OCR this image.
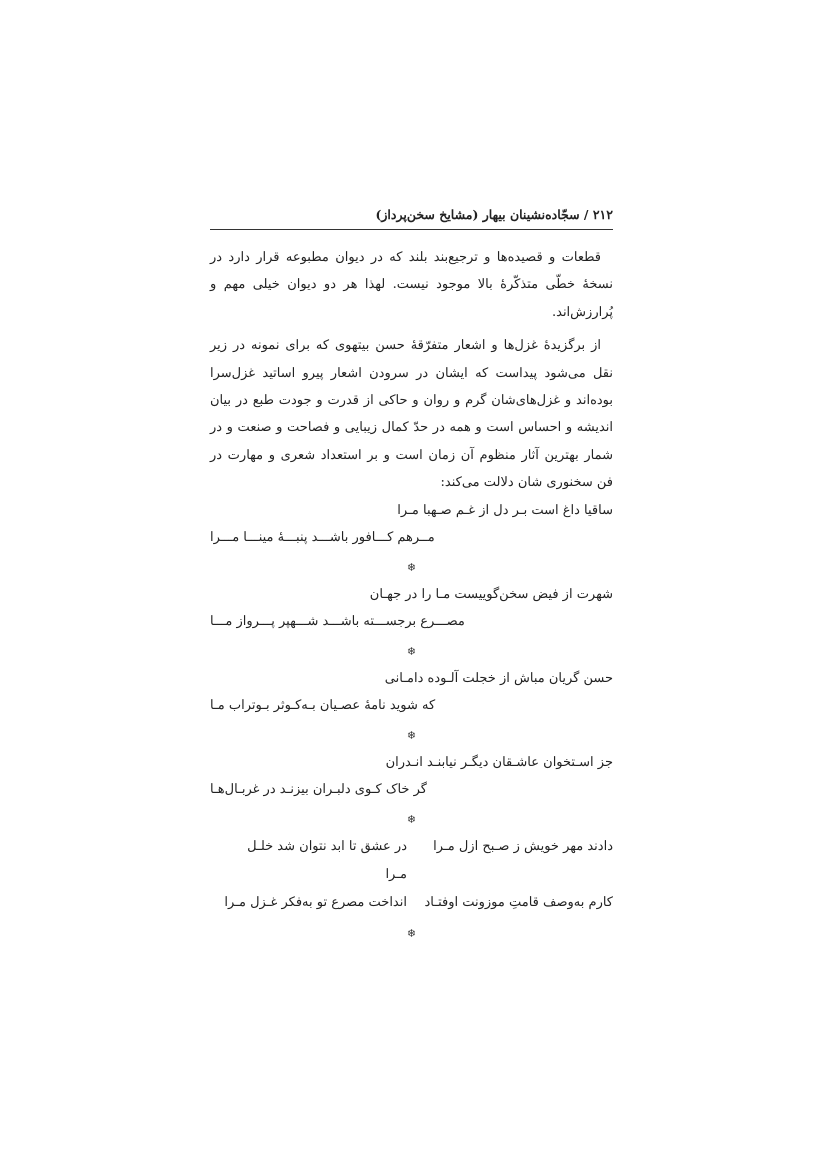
۲۱۲ / سجّاده‌نشینان بیهار (مشایخ سخن‌پرداز)

قطعات و قصیده‌ها و ترجیع‌بند بلند که در دیوان مطبوعه قرار دارد در نسخهٔ خطّی متذکّرهٔ بالا موجود نیست. لهذا هر دو دیوان خیلی مهم و پُرارزش‌اند.

از برگزیدهٔ غزل‌ها و اشعار متفرّقهٔ حسن بیتهوی که برای نمونه در زیر نقل می‌شود پیداست که ایشان در سرودن اشعار پیرو اساتید غزل‌سرا بوده‌اند و غزل‌های‌شان گرم و روان و حاکی از قدرت و جودت طبع در بیان اندیشه و احساس است و همه در حدّ کمال زیبایی و فصاحت و صنعت و در شمار بهترین آثار منظوم آن زمان است و بر استعداد شعری و مهارت در فن سخنوری شان دلالت می‌کند:

ساقیا داغ است بـر دل از غـم صـهبا مـرا
مــرهم کـــافور باشـــد پنبـــهٔ مینـــا مـــرا
❄
شهرت از فیض سخن‌گوییست مـا را در جهـان
مصـــرع برجســـته باشـــد شـــهپر پـــرواز مـــا
❄
حسن گریان مباش از خجلت آلـوده دامـانی
که شوید نامهٔ عصـیان بـه‌کـوثر بـوتراب مـا
❄
جز اسـتخوان عاشـقان دیگـر نیابنـد انـدران
گر خاک کـوی دلبـران بیزنـد در غربـال‌هـا
❄
دادند مهر خویش ز صـبح ازل مـرا
در عشق تا ابد نتوان شد خلـل مـرا
کارم به‌وصف قامتِ موزونت اوفتـاد
انداخت مصرع تو به‌فکر غـزل مـرا
❄
